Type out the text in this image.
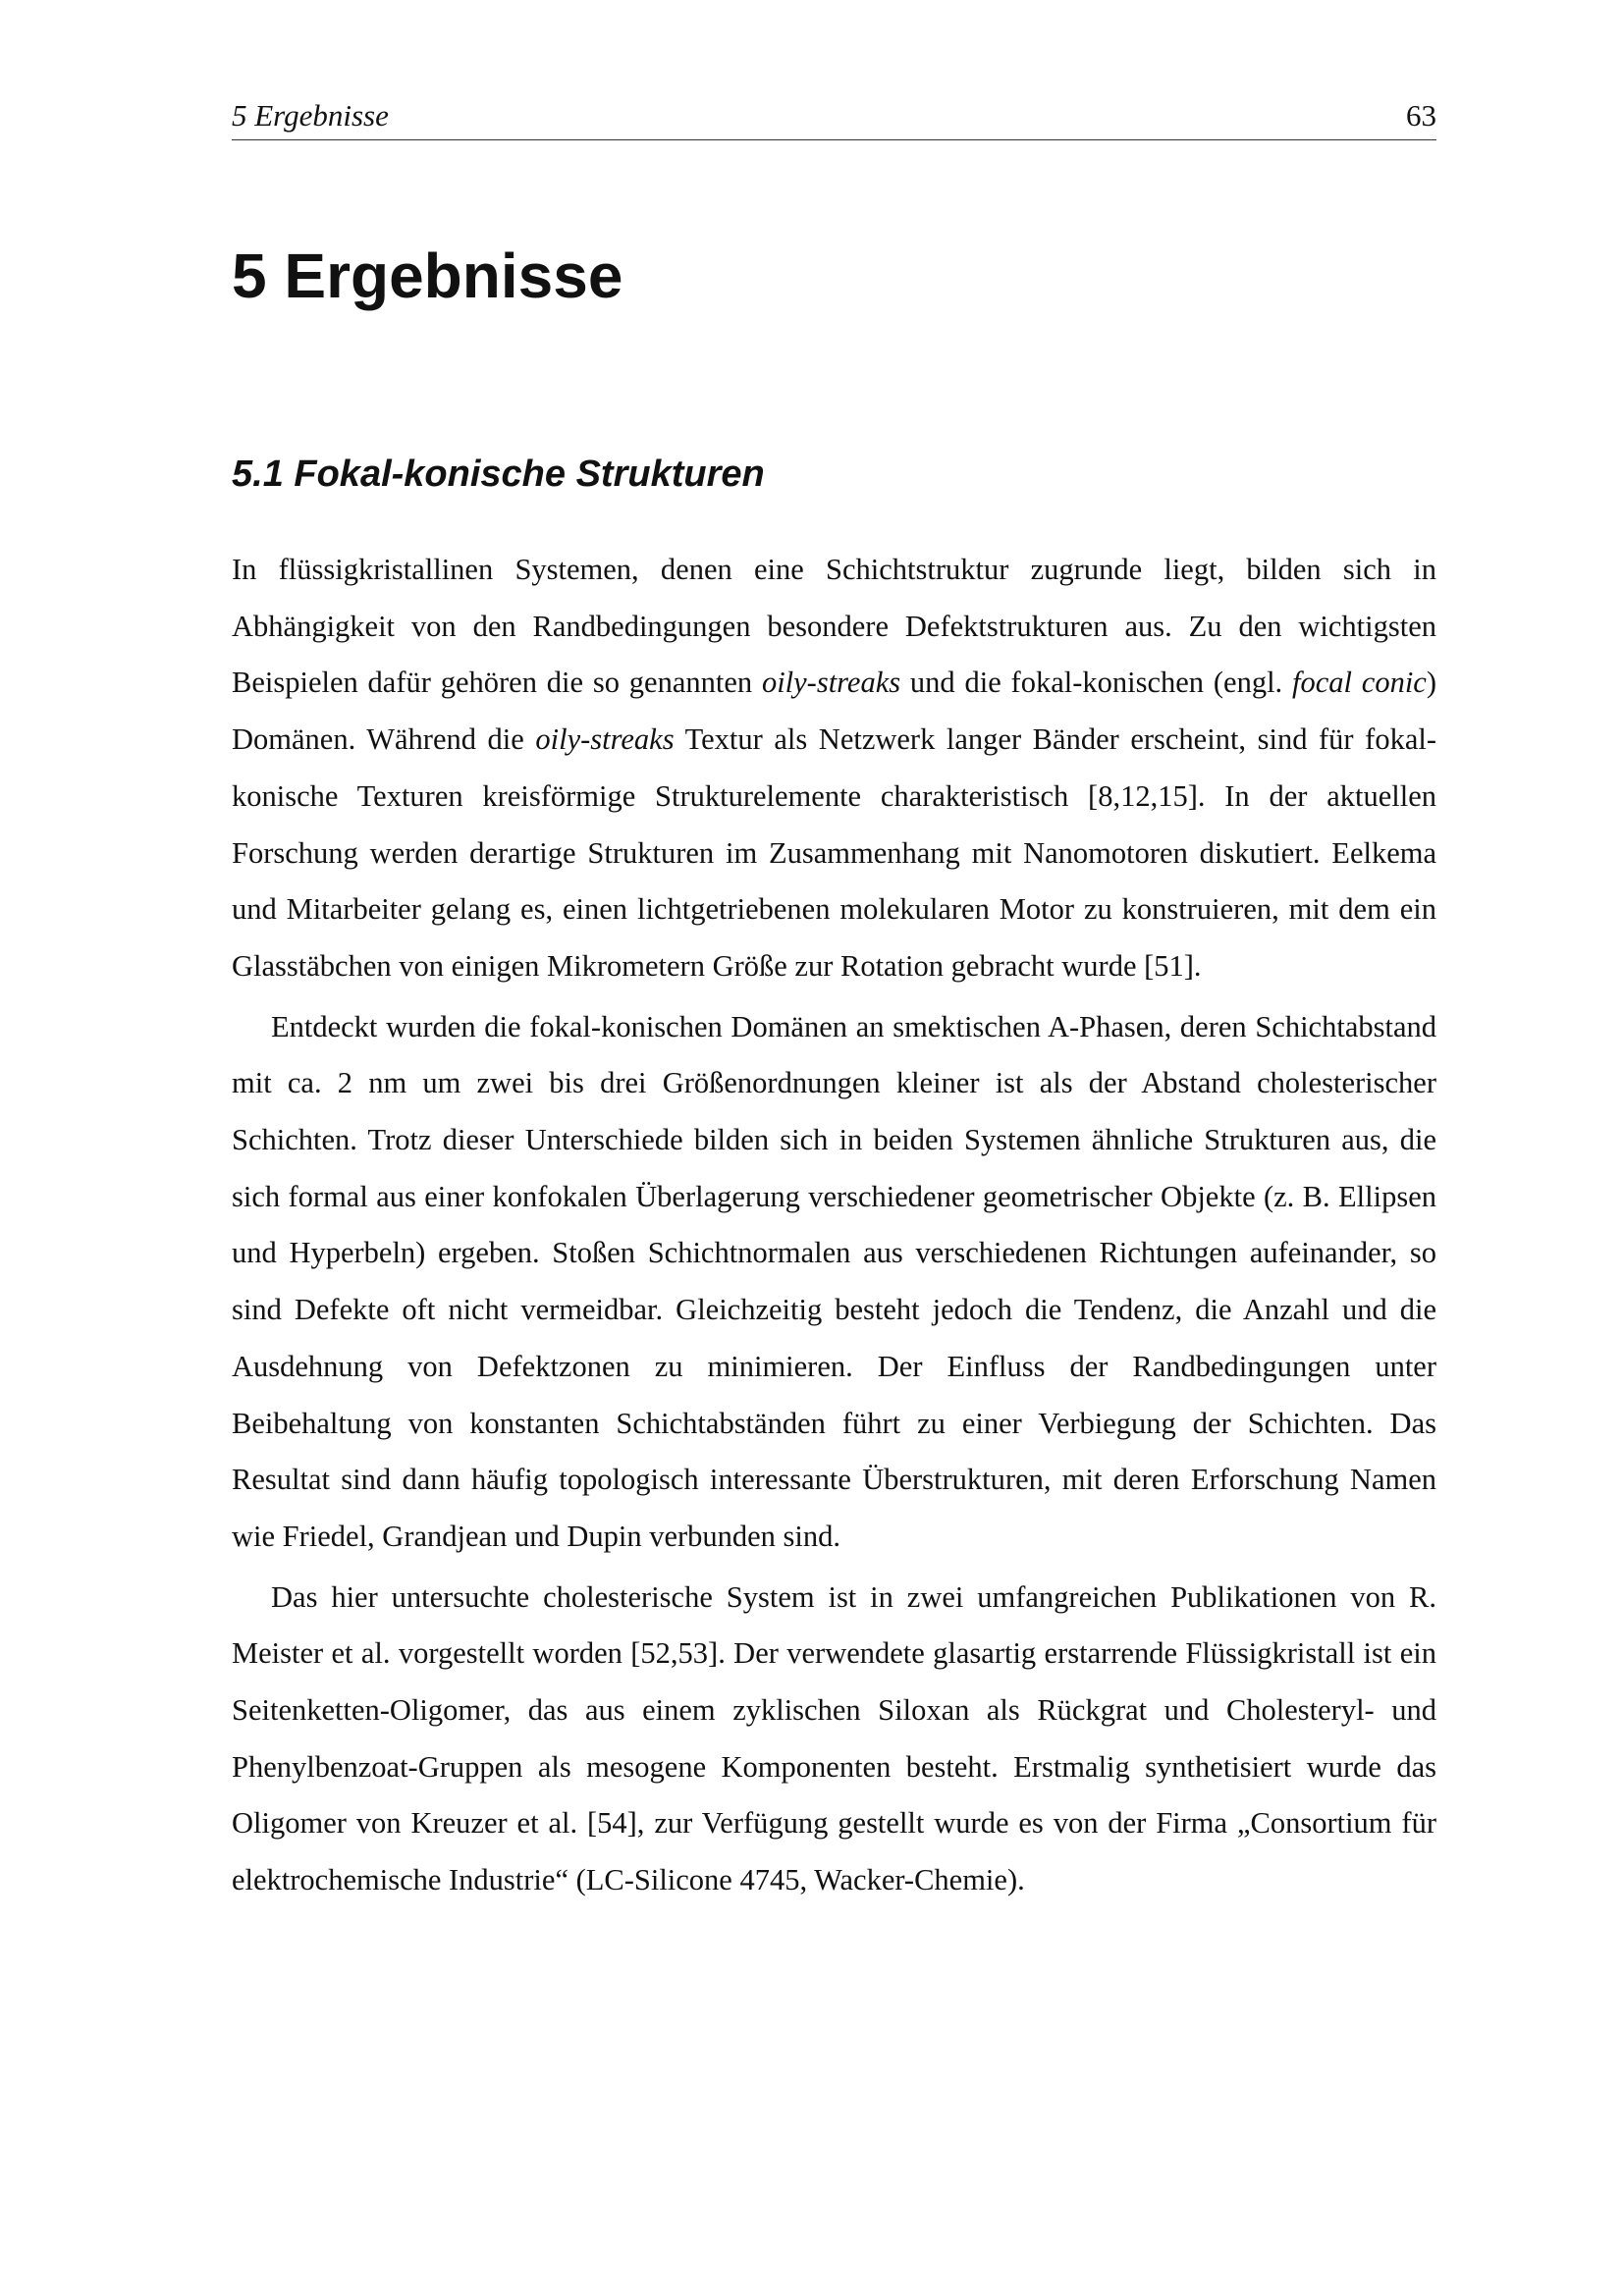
5 Ergebnisse	63
5 Ergebnisse
5.1 Fokal-konische Strukturen

In flüssigkristallinen Systemen, denen eine Schichtstruktur zugrunde liegt, bilden sich in Abhängigkeit von den Randbedingungen besondere Defektstrukturen aus. Zu den wichtigsten Beispielen dafür gehören die so genannten oily-streaks und die fokal-konischen (engl. focal conic) Domänen. Während die oily-streaks Textur als Netzwerk langer Bänder erscheint, sind für fokal-konische Texturen kreisförmige Strukturelemente charakteristisch [8,12,15]. In der aktuellen Forschung werden derartige Strukturen im Zusammenhang mit Nanomotoren diskutiert. Eelkema und Mitarbeiter gelang es, einen lichtgetriebenen molekularen Motor zu konstruieren, mit dem ein Glasstäbchen von einigen Mikrometern Größe zur Rotation gebracht wurde [51].

Entdeckt wurden die fokal-konischen Domänen an smektischen A-Phasen, deren Schichtabstand mit ca. 2 nm um zwei bis drei Größenordnungen kleiner ist als der Abstand cholesterischer Schichten. Trotz dieser Unterschiede bilden sich in beiden Systemen ähnliche Strukturen aus, die sich formal aus einer konfokalen Überlagerung verschiedener geometrischer Objekte (z. B. Ellipsen und Hyperbeln) ergeben. Stoßen Schichtnormalen aus verschiedenen Richtungen aufeinander, so sind Defekte oft nicht vermeidbar. Gleichzeitig besteht jedoch die Tendenz, die Anzahl und die Ausdehnung von Defektzonen zu minimieren. Der Einfluss der Randbedingungen unter Beibehaltung von konstanten Schichtabständen führt zu einer Verbiegung der Schichten. Das Resultat sind dann häufig topologisch interessante Überstrukturen, mit deren Erforschung Namen wie Friedel, Grandjean und Dupin verbunden sind.

Das hier untersuchte cholesterische System ist in zwei umfangreichen Publikationen von R. Meister et al. vorgestellt worden [52,53]. Der verwendete glasartig erstarrende Flüssigkristall ist ein Seitenketten-Oligomer, das aus einem zyklischen Siloxan als Rückgrat und Cholesteryl- und Phenylbenzoat-Gruppen als mesogene Komponenten besteht. Erstmalig synthetisiert wurde das Oligomer von Kreuzer et al. [54], zur Verfügung gestellt wurde es von der Firma „Consortium für elektrochemische Industrie“ (LC-Silicone 4745, Wacker-Chemie).
